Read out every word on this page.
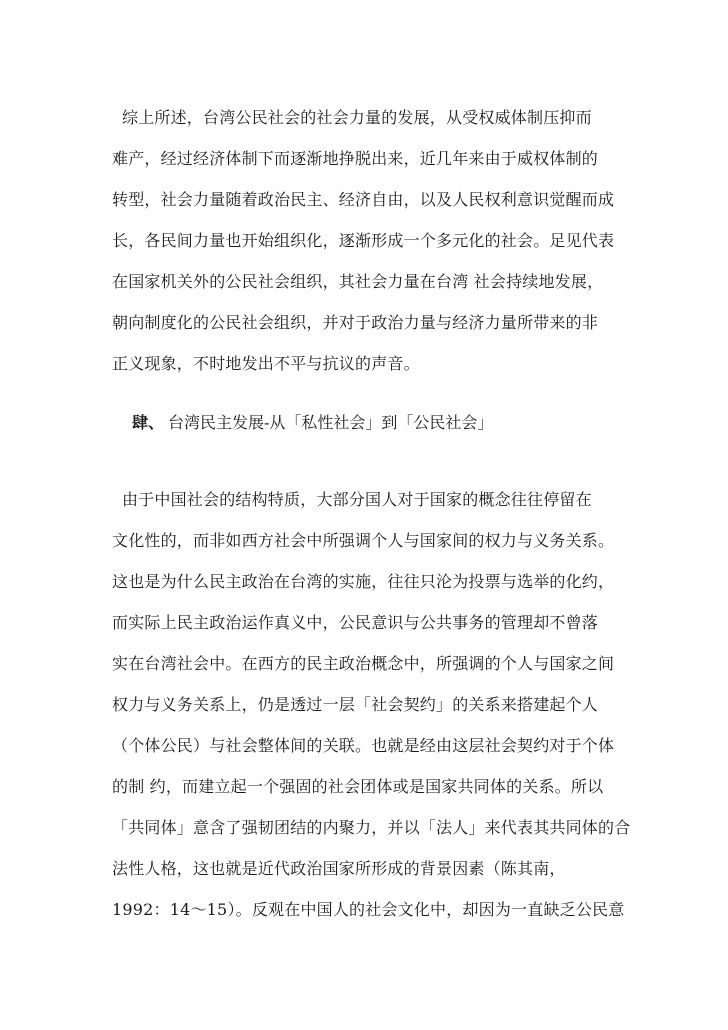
综上所述，台湾公民社会的社会力量的发展，从受权威体制压抑而
难产，经过经济体制下而逐渐地挣脱出来，近几年来由于威权体制的
转型，社会力量随着政治民主、经济自由，以及人民权利意识觉醒而成
长，各民间力量也开始组织化，逐渐形成一个多元化的社会。足见代表
在国家机关外的公民社会组织，其社会力量在台湾 社会持续地发展，
朝向制度化的公民社会组织，并对于政治力量与经济力量所带来的非
正义现象，不时地发出不平与抗议的声音。
肆、 台湾民主发展-从「私性社会」到「公民社会」
由于中国社会的结构特质，大部分国人对于国家的概念往往停留在
文化性的，而非如西方社会中所强调个人与国家间的权力与义务关系。
这也是为什么民主政治在台湾的实施，往往只沦为投票与选举的化约，
而实际上民主政治运作真义中，公民意识与公共事务的管理却不曾落
实在台湾社会中。在西方的民主政治概念中，所强调的个人与国家之间
权力与义务关系上，仍是透过一层「社会契约」的关系来搭建起个人
（个体公民）与社会整体间的关联。也就是经由这层社会契约对于个体
的制 约，而建立起一个强固的社会团体或是国家共同体的关系。所以
「共同体」意含了强韧团结的内聚力，并以「法人」来代表其共同体的合
法性人格，这也就是近代政治国家所形成的背景因素（陈其南，
1992：14～15）。反观在中国人的社会文化中，却因为一直缺乏公民意
